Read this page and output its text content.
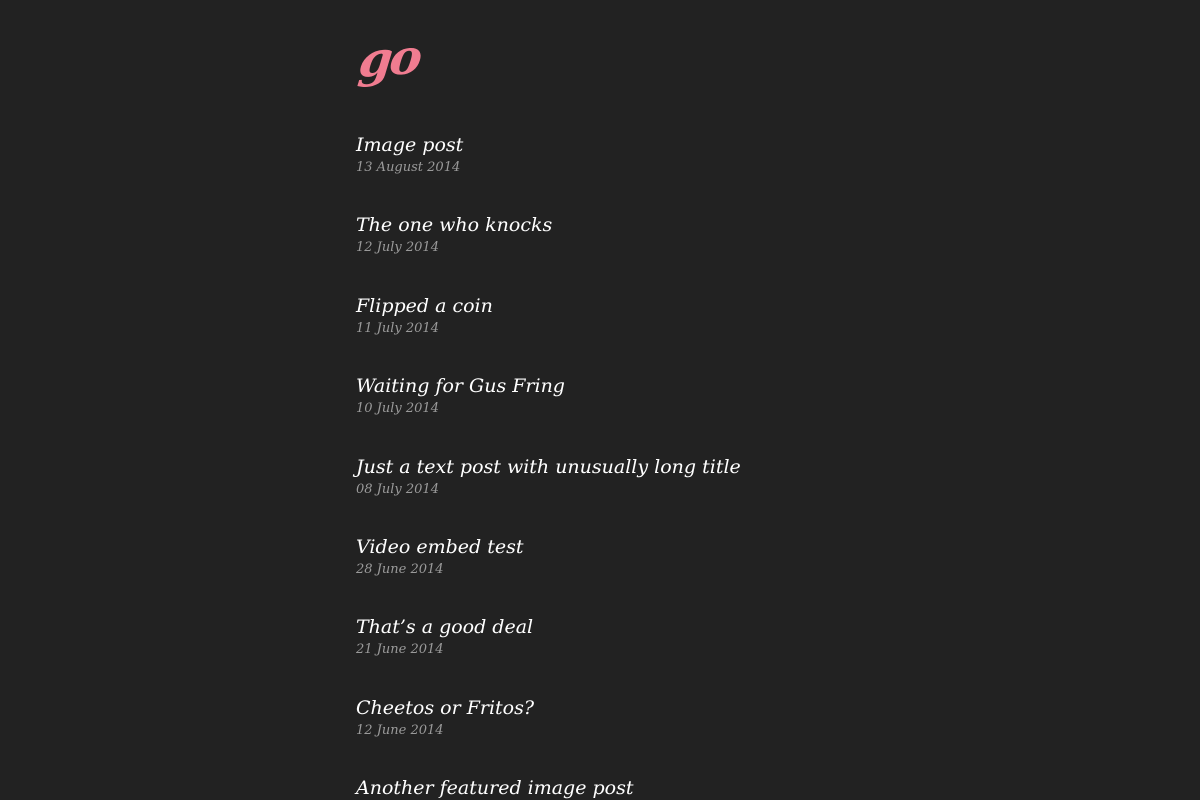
go
Image post
13 August 2014
The one who knocks
12 July 2014
Flipped a coin
11 July 2014
Waiting for Gus Fring
10 July 2014
Just a text post with unusually long title
08 July 2014
Video embed test
28 June 2014
That’s a good deal
21 June 2014
Cheetos or Fritos?
12 June 2014
Another featured image post
